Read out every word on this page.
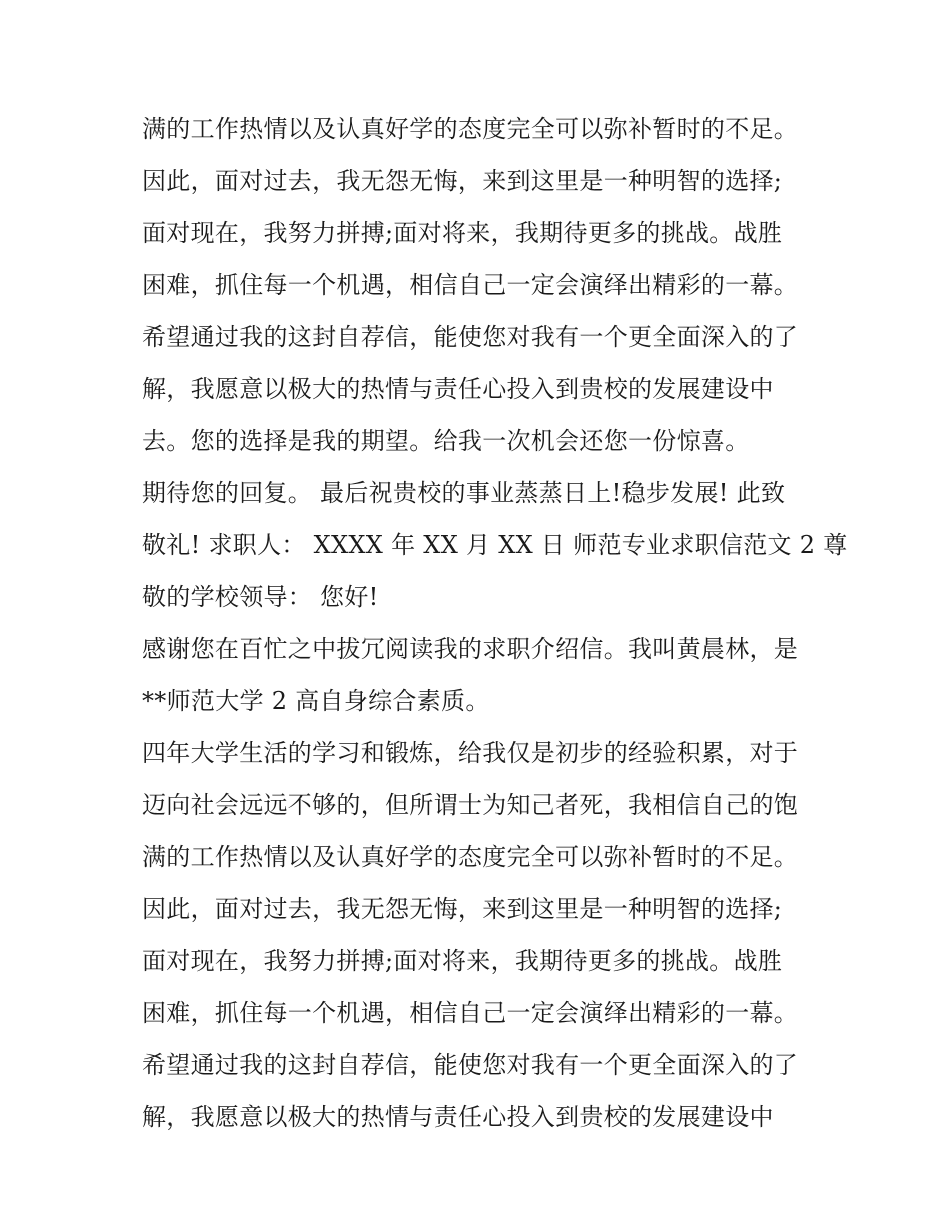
满的工作热情以及认真好学的态度完全可以弥补暂时的不足。
因此，面对过去，我无怨无悔，来到这里是一种明智的选择;
面对现在，我努力拼搏;面对将来，我期待更多的挑战。战胜
困难，抓住每一个机遇，相信自己一定会演绎出精彩的一幕。
希望通过我的这封自荐信，能使您对我有一个更全面深入的了
解，我愿意以极大的热情与责任心投入到贵校的发展建设中
去。您的选择是我的期望。给我一次机会还您一份惊喜。
期待您的回复。 最后祝贵校的事业蒸蒸日上!稳步发展! 此致
敬礼! 求职人： XXXX 年 XX 月 XX 日 师范专业求职信范文 2 尊
敬的学校领导： 您好!
感谢您在百忙之中拔冗阅读我的求职介绍信。我叫黄晨林，是
**师范大学 2 高自身综合素质。
四年大学生活的学习和锻炼，给我仅是初步的经验积累，对于
迈向社会远远不够的，但所谓士为知己者死，我相信自己的饱
满的工作热情以及认真好学的态度完全可以弥补暂时的不足。
因此，面对过去，我无怨无悔，来到这里是一种明智的选择;
面对现在，我努力拼搏;面对将来，我期待更多的挑战。战胜
困难，抓住每一个机遇，相信自己一定会演绎出精彩的一幕。
希望通过我的这封自荐信，能使您对我有一个更全面深入的了
解，我愿意以极大的热情与责任心投入到贵校的发展建设中
